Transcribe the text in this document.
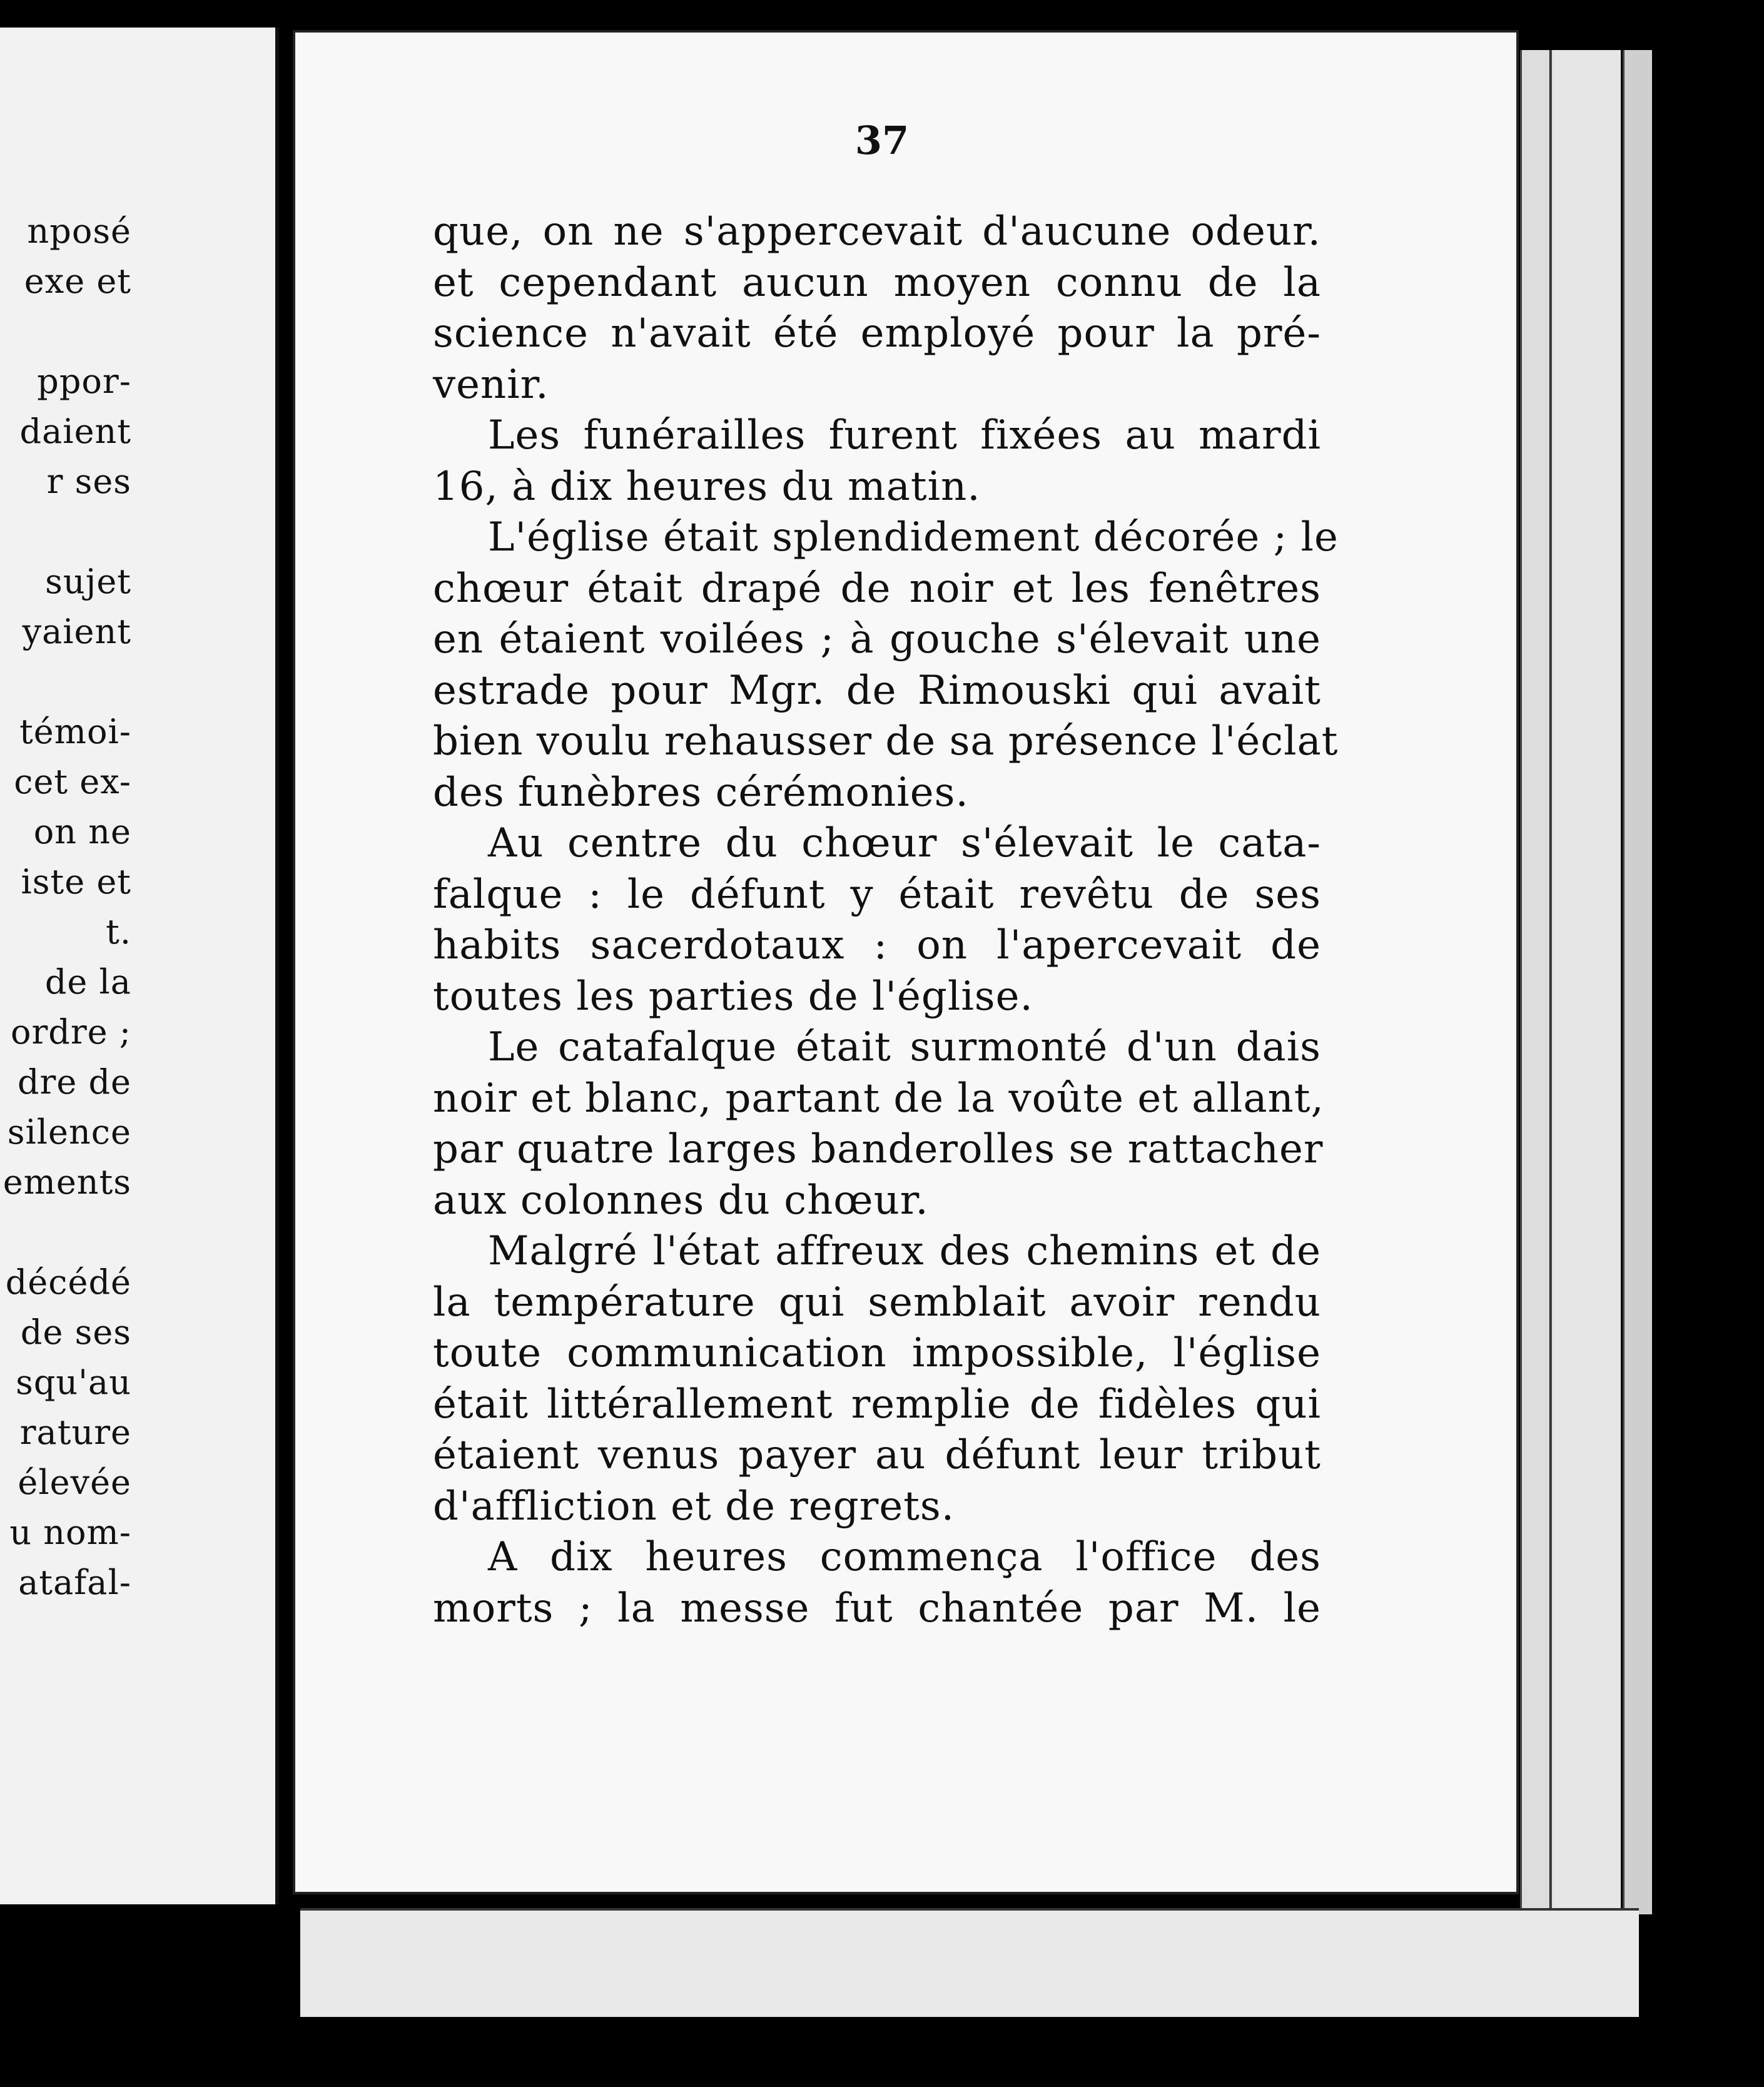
37
que, on ne s'appercevait d'aucune odeur.
et cependant aucun moyen connu de la
science n'avait été employé pour la pré-
venir.
Les funérailles furent fixées au mardi
16, à dix heures du matin.
L'église était splendidement décorée ; le
chœur était drapé de noir et les fenêtres
en étaient voilées ; à gouche s'élevait une
estrade pour Mgr. de Rimouski qui avait
bien voulu rehausser de sa présence l'éclat
des funèbres cérémonies.
Au centre du chœur s'élevait le cata-
falque : le défunt y était revêtu de ses
habits sacerdotaux : on l'apercevait de
toutes les parties de l'église.
Le catafalque était surmonté d'un dais
noir et blanc, partant de la voûte et allant,
par quatre larges banderolles se rattacher
aux colonnes du chœur.
Malgré l'état affreux des chemins et de
la température qui semblait avoir rendu
toute communication impossible, l'église
était littérallement remplie de fidèles qui
étaient venus payer au défunt leur tribut
d'affliction et de regrets.
A dix heures commença l'office des
morts ; la messe fut chantée par M. le
nposé
exe et
ppor-
daient
r ses
sujet
yaient
témoi-
cet ex-
on ne
iste et
t.
de la
ordre ;
dre de
silence
ements
décédé
de ses
squ'au
rature
élevée
u nom-
atafal-
